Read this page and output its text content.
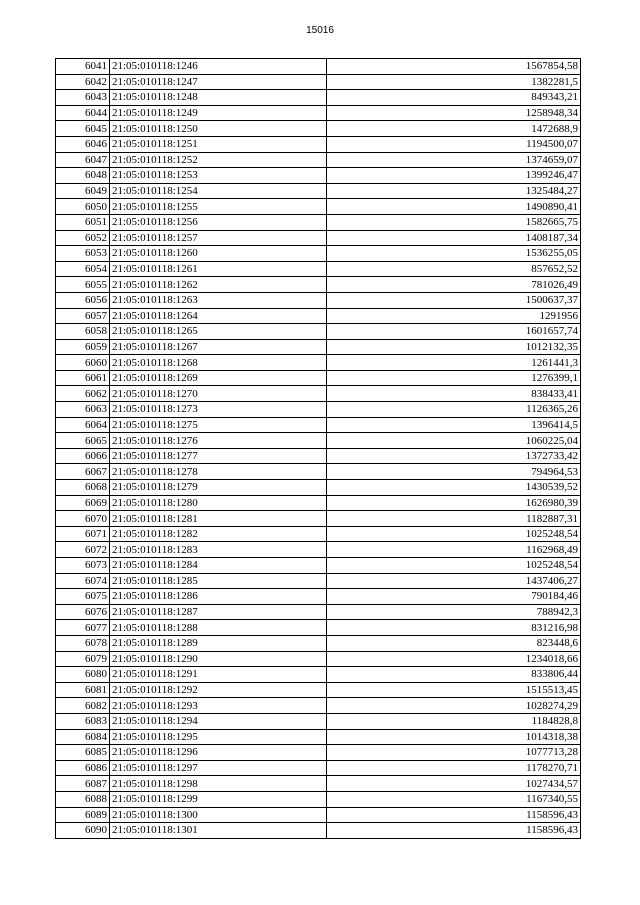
15016
6041	21:05:010118:1246	1567854,58
6042	21:05:010118:1247	1382281,5
6043	21:05:010118:1248	849343,21
6044	21:05:010118:1249	1258948,34
6045	21:05:010118:1250	1472688,9
6046	21:05:010118:1251	1194500,07
6047	21:05:010118:1252	1374659,07
6048	21:05:010118:1253	1399246,47
6049	21:05:010118:1254	1325484,27
6050	21:05:010118:1255	1490890,41
6051	21:05:010118:1256	1582665,75
6052	21:05:010118:1257	1408187,34
6053	21:05:010118:1260	1536255,05
6054	21:05:010118:1261	857652,52
6055	21:05:010118:1262	781026,49
6056	21:05:010118:1263	1500637,37
6057	21:05:010118:1264	1291956
6058	21:05:010118:1265	1601657,74
6059	21:05:010118:1267	1012132,35
6060	21:05:010118:1268	1261441,3
6061	21:05:010118:1269	1276399,1
6062	21:05:010118:1270	838433,41
6063	21:05:010118:1273	1126365,26
6064	21:05:010118:1275	1396414,5
6065	21:05:010118:1276	1060225,04
6066	21:05:010118:1277	1372733,42
6067	21:05:010118:1278	794964,53
6068	21:05:010118:1279	1430539,52
6069	21:05:010118:1280	1626980,39
6070	21:05:010118:1281	1182887,31
6071	21:05:010118:1282	1025248,54
6072	21:05:010118:1283	1162968,49
6073	21:05:010118:1284	1025248,54
6074	21:05:010118:1285	1437406,27
6075	21:05:010118:1286	790184,46
6076	21:05:010118:1287	788942,3
6077	21:05:010118:1288	831216,98
6078	21:05:010118:1289	823448,6
6079	21:05:010118:1290	1234018,66
6080	21:05:010118:1291	833806,44
6081	21:05:010118:1292	1515513,45
6082	21:05:010118:1293	1028274,29
6083	21:05:010118:1294	1184828,8
6084	21:05:010118:1295	1014318,38
6085	21:05:010118:1296	1077713,28
6086	21:05:010118:1297	1178270,71
6087	21:05:010118:1298	1027434,57
6088	21:05:010118:1299	1167340,55
6089	21:05:010118:1300	1158596,43
6090	21:05:010118:1301	1158596,43
